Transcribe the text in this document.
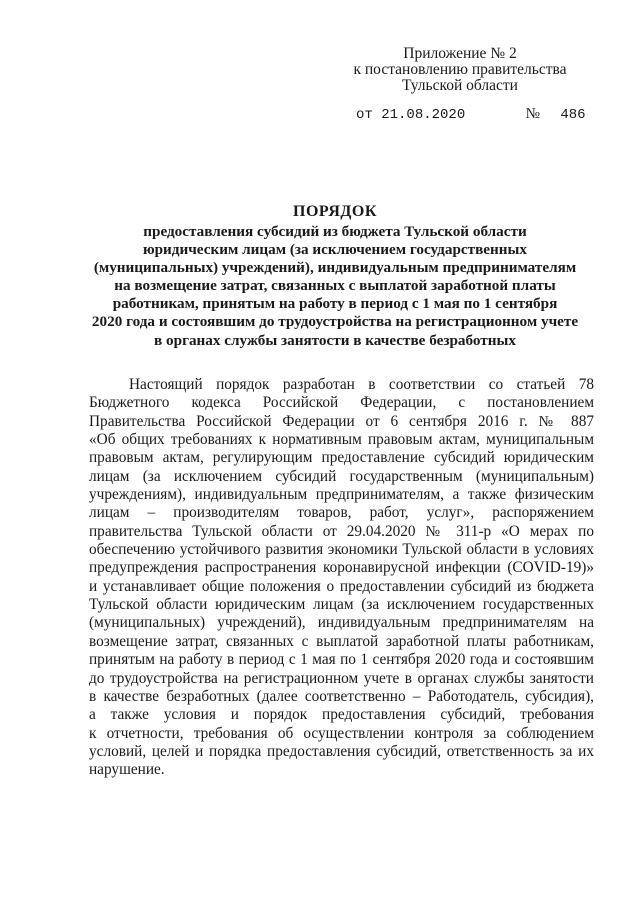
Приложение № 2
к постановлению правительства
Тульской области
от 21.08.2020	№ 486
ПОРЯДОК
предоставления субсидий из бюджета Тульской области
юридическим лицам (за исключением государственных
(муниципальных) учреждений), индивидуальным предпринимателям
на возмещение затрат, связанных с выплатой заработной платы
работникам, принятым на работу в период с 1 мая по 1 сентября
2020 года и состоявшим до трудоустройства на регистрационном учете
в органах службы занятости в качестве безработных
Настоящий порядок разработан в соответствии со статьей 78
Бюджетного кодекса Российской Федерации, с постановлением
Правительства Российской Федерации от 6 сентября 2016 г. № 887
«Об общих требованиях к нормативным правовым актам, муниципальным
правовым актам, регулирующим предоставление субсидий юридическим
лицам (за исключением субсидий государственным (муниципальным)
учреждениям), индивидуальным предпринимателям, а также физическим
лицам – производителям товаров, работ, услуг», распоряжением
правительства Тульской области от 29.04.2020 № 311-р «О мерах по
обеспечению устойчивого развития экономики Тульской области в условиях
предупреждения распространения коронавирусной инфекции (COVID-19)»
и устанавливает общие положения о предоставлении субсидий из бюджета
Тульской области юридическим лицам (за исключением государственных
(муниципальных) учреждений), индивидуальным предпринимателям на
возмещение затрат, связанных с выплатой заработной платы работникам,
принятым на работу в период с 1 мая по 1 сентября 2020 года и состоявшим
до трудоустройства на регистрационном учете в органах службы занятости
в качестве безработных (далее соответственно – Работодатель, субсидия),
а также условия и порядок предоставления субсидий, требования
к отчетности, требования об осуществлении контроля за соблюдением
условий, целей и порядка предоставления субсидий, ответственность за их
нарушение.
